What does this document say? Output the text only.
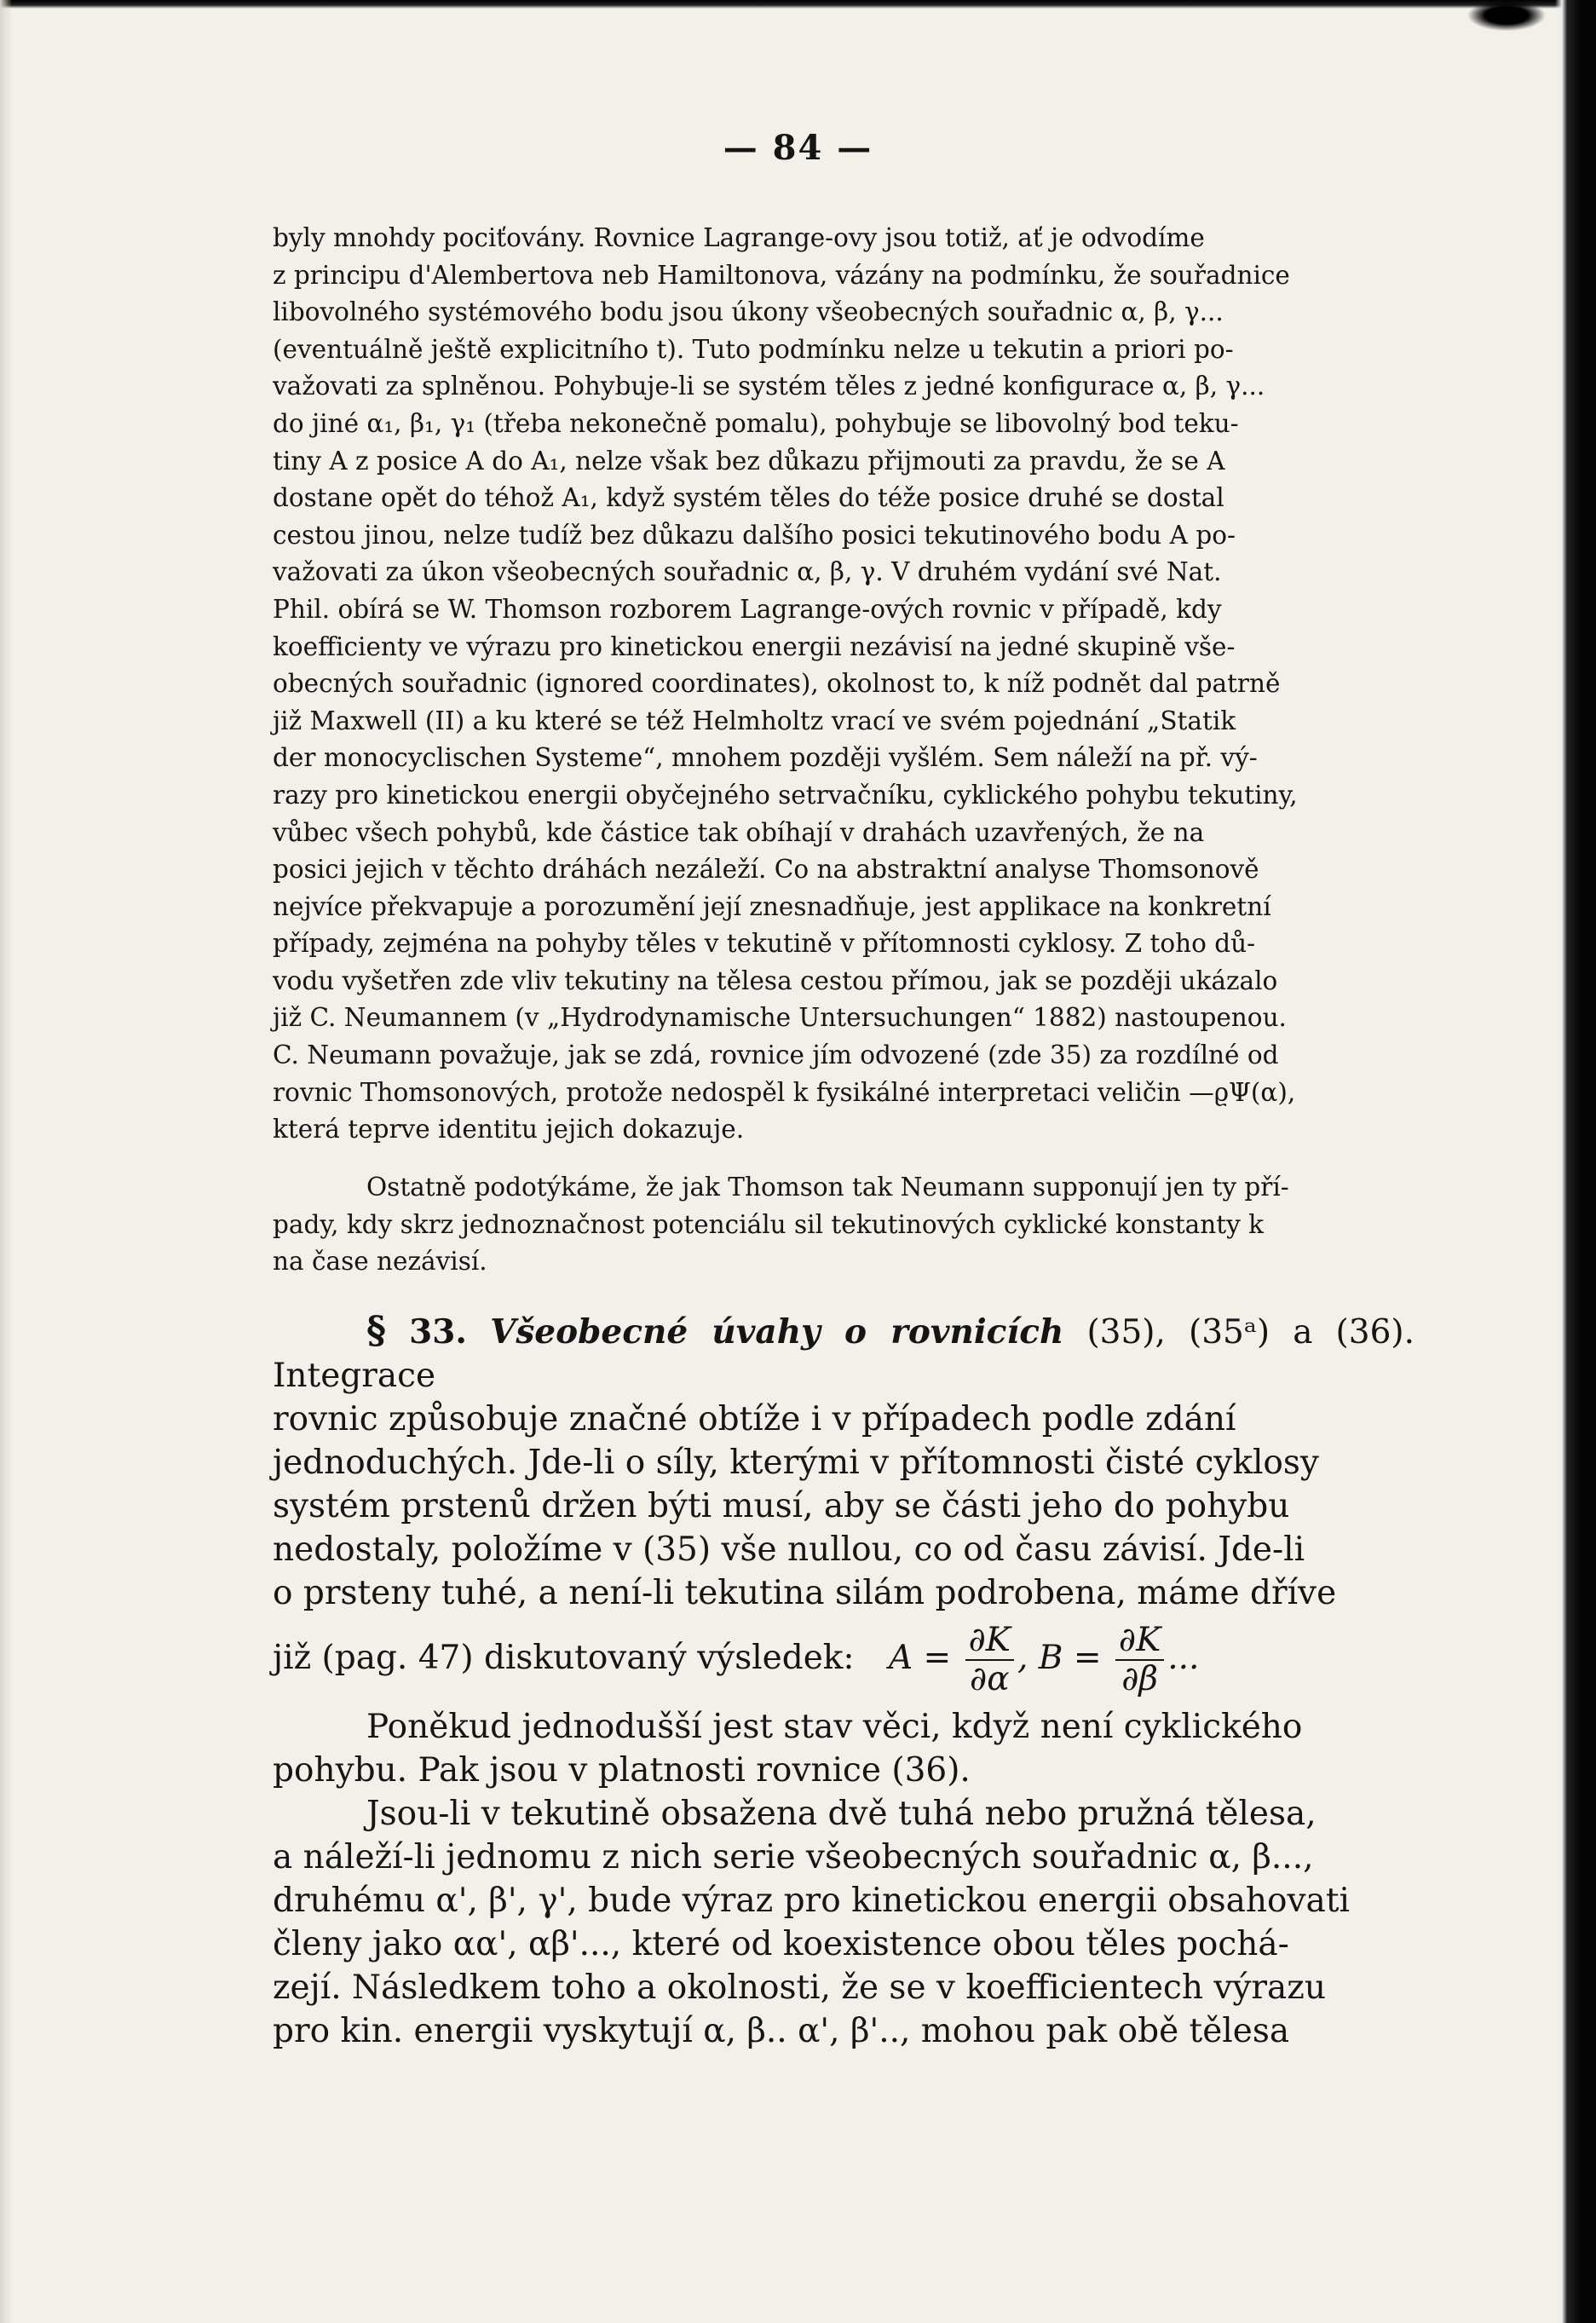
— 84 —

byly mnohdy pociťovány. Rovnice Lagrange-ovy jsou totiž, ať je odvodíme

z principu d'Alembertova neb Hamiltonova, vázány na podmínku, že souřadnice

libovolného systémového bodu jsou úkony všeobecných souřadnic α, β, γ...

(eventuálně ještě explicitního t). Tuto podmínku nelze u tekutin a priori po-

važovati za splněnou. Pohybuje-li se systém těles z jedné konfigurace α, β, γ...

do jiné α₁, β₁, γ₁ (třeba nekonečně pomalu), pohybuje se libovolný bod teku-

tiny A z posice A do A₁, nelze však bez důkazu přijmouti za pravdu, že se A

dostane opět do téhož A₁, když systém těles do téže posice druhé se dostal

cestou jinou, nelze tudíž bez důkazu dalšího posici tekutinového bodu A po-

važovati za úkon všeobecných souřadnic α, β, γ. V druhém vydání své Nat.

Phil. obírá se W. Thomson rozborem Lagrange-ových rovnic v případě, kdy

koefficienty ve výrazu pro kinetickou energii nezávisí na jedné skupině vše-

obecných souřadnic (ignored coordinates), okolnost to, k níž podnět dal patrně

již Maxwell (II) a ku které se též Helmholtz vrací ve svém pojednání „Statik

der monocyclischen Systeme“, mnohem později vyšlém. Sem náleží na př. vý-

razy pro kinetickou energii obyčejného setrvačníku, cyklického pohybu tekutiny,

vůbec všech pohybů, kde částice tak obíhají v drahách uzavřených, že na

posici jejich v těchto dráhách nezáleží. Co na abstraktní analyse Thomsonově

nejvíce překvapuje a porozumění její znesnadňuje, jest applikace na konkretní

případy, zejména na pohyby těles v tekutině v přítomnosti cyklosy. Z toho dů-

vodu vyšetřen zde vliv tekutiny na tělesa cestou přímou, jak se později ukázalo

již C. Neumannem (v „Hydrodynamische Untersuchungen“ 1882) nastoupenou.

C. Neumann považuje, jak se zdá, rovnice jím odvozené (zde 35) za rozdílné od

rovnic Thomsonových, protože nedospěl k fysikálné interpretaci veličin —ϱΨ(α),

která teprve identitu jejich dokazuje.

Ostatně podotýkáme, že jak Thomson tak Neumann supponují jen ty pří-

pady, kdy skrz jednoznačnost potenciálu sil tekutinových cyklické konstanty k

na čase nezávisí.

§ 33. Všeobecné úvahy o rovnicích (35), (35ᵃ) a (36). Integrace

rovnic způsobuje značné obtíže i v případech podle zdání

jednoduchých. Jde-li o síly, kterými v přítomnosti čisté cyklosy

systém prstenů držen býti musí, aby se části jeho do pohybu

nedostaly, položíme v (35) vše nullou, co od času závisí. Jde-li

o prsteny tuhé, a není-li tekutina silám podrobena, máme dříve

již (pag. 47) diskutovaný výsledek: $A = \frac{\partial K}{\partial\alpha}$ , $B = \frac{\partial K}{\partial\beta}$ ...

Poněkud jednodušší jest stav věci, když není cyklického

pohybu. Pak jsou v platnosti rovnice (36).

Jsou-li v tekutině obsažena dvě tuhá nebo pružná tělesa,

a náleží-li jednomu z nich serie všeobecných souřadnic α, β...,

druhému α', β', γ', bude výraz pro kinetickou energii obsahovati

členy jako αα', αβ'..., které od koexistence obou těles pochá-

zejí. Následkem toho a okolnosti, že se v koefficientech výrazu

pro kin. energii vyskytují α, β.. α', β'.., mohou pak obě tělesa
